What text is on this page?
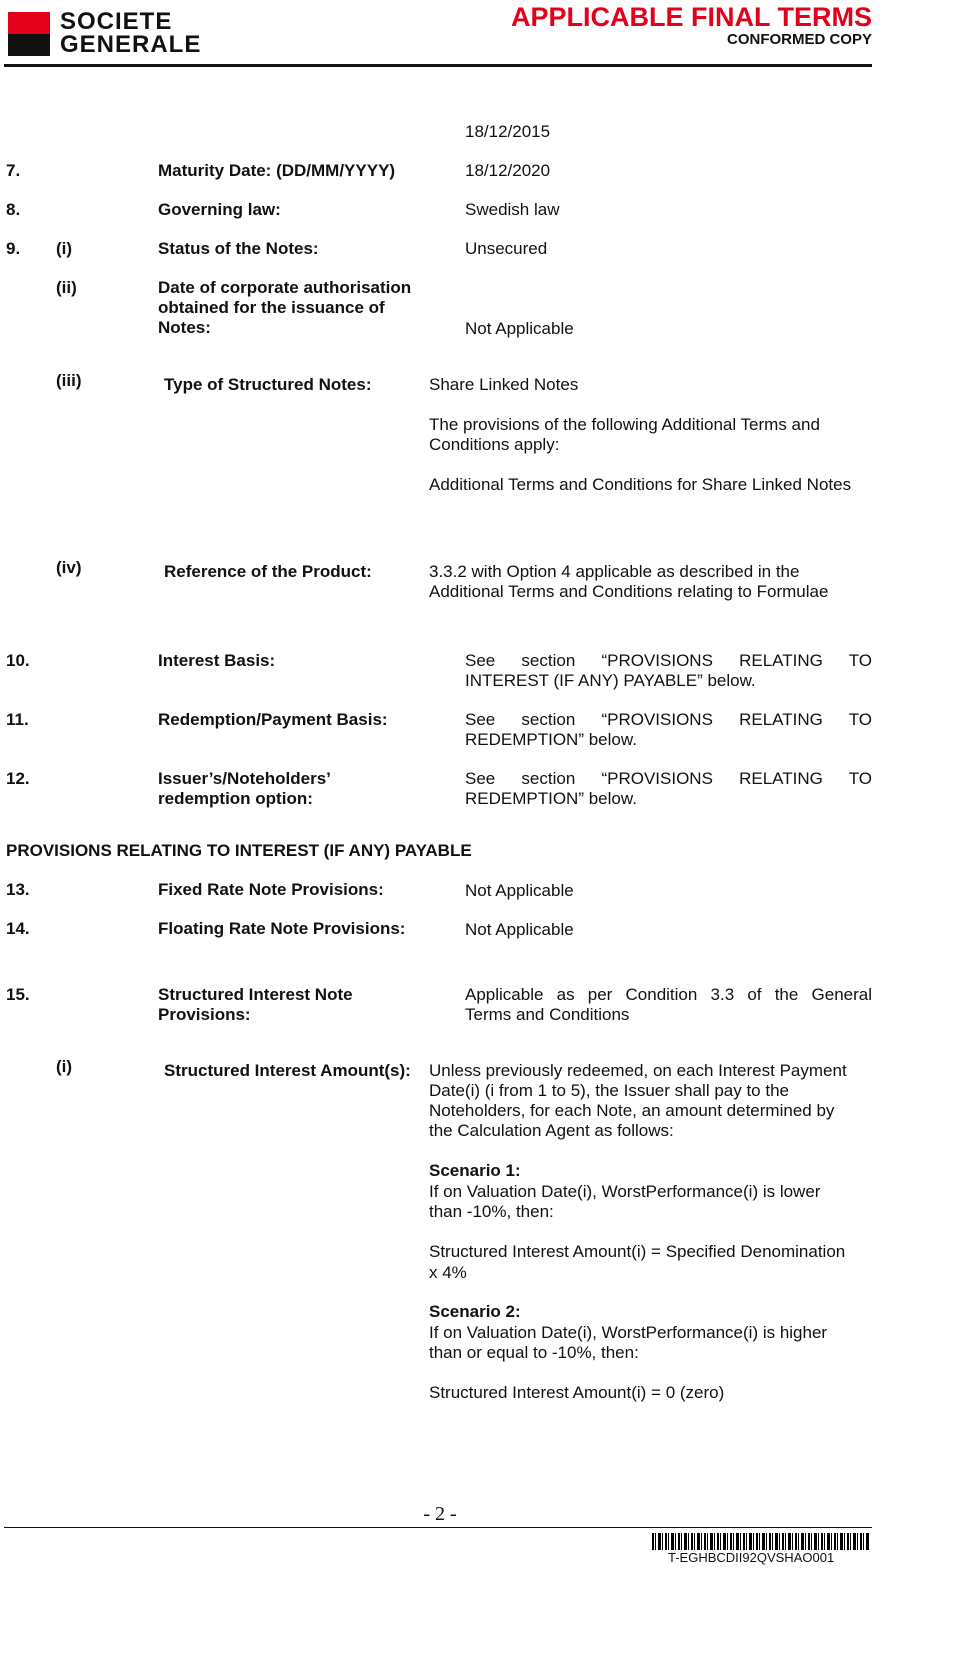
SOCIETE
GENERALE
APPLICABLE FINAL TERMS
CONFORMED COPY
18/12/2015
7.	Maturity Date: (DD/MM/YYYY)	18/12/2020
8.	Governing law:	Swedish law
9. (i)	Status of the Notes:	Unsecured
(ii)	Date of corporate authorisation
obtained for the issuance of
Notes:	Not Applicable
(iii)	Type of Structured Notes:	Share Linked Notes
The provisions of the following Additional Terms and
Conditions apply:
Additional Terms and Conditions for Share Linked Notes
(iv)	Reference of the Product:	3.3.2 with Option 4 applicable as described in the
Additional Terms and Conditions relating to Formulae
10.	Interest Basis:	See section “PROVISIONS RELATING TO
INTEREST (IF ANY) PAYABLE” below.
11.	Redemption/Payment Basis:	See section “PROVISIONS RELATING TO
REDEMPTION” below.
12.	Issuer’s/Noteholders’
redemption option:
See section “PROVISIONS RELATING TO
REDEMPTION” below.
PROVISIONS RELATING TO INTEREST (IF ANY) PAYABLE
13.	Fixed Rate Note Provisions:	Not Applicable
14.	Floating Rate Note Provisions:	Not Applicable
15.	Structured Interest Note
Provisions:
Applicable as per Condition 3.3 of the General
Terms and Conditions
(i)	Structured Interest Amount(s): Unless previously redeemed, on each Interest Payment
Date(i) (i from 1 to 5), the Issuer shall pay to the
Noteholders, for each Note, an amount determined by
the Calculation Agent as follows:
Scenario 1:
If on Valuation Date(i), WorstPerformance(i) is lower
than -10%, then:
Structured Interest Amount(i) = Specified Denomination
x 4%
Scenario 2:
If on Valuation Date(i), WorstPerformance(i) is higher
than or equal to -10%, then:
Structured Interest Amount(i) = 0 (zero)
- 2 -
T-EGHBCDII92QVSHAO001
